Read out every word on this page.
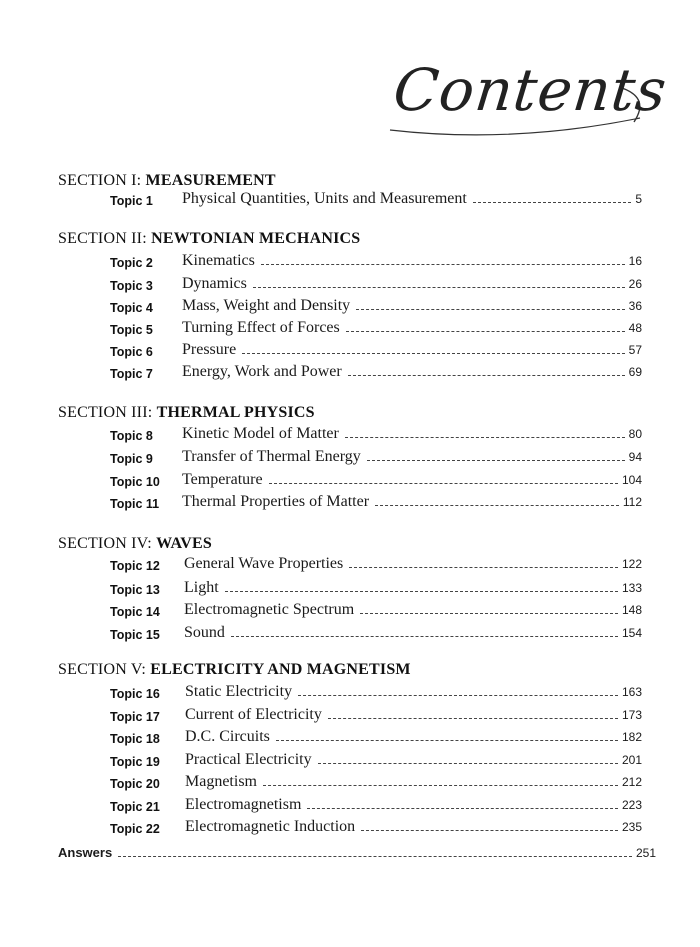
Contents
SECTION I: MEASUREMENT
Topic 1 Physical Quantities, Units and Measurement	5
SECTION II: NEWTONIAN MECHANICS
Topic 2 Kinematics	16
Topic 3 Dynamics	26
Topic 4 Mass, Weight and Density	36
Topic 5 Turning Effect of Forces	48
Topic 6 Pressure	57
Topic 7 Energy, Work and Power	69
SECTION III: THERMAL PHYSICS
Topic 8 Kinetic Model of Matter	80
Topic 9 Transfer of Thermal Energy	94
Topic 10 Temperature	104
Topic 11 Thermal Properties of Matter	112
SECTION IV: WAVES
Topic 12 General Wave Properties	122
Topic 13 Light	133
Topic 14 Electromagnetic Spectrum	148
Topic 15 Sound	154
SECTION V: ELECTRICITY AND MAGNETISM
Topic 16 Static Electricity	163
Topic 17 Current of Electricity	173
Topic 18 D.C. Circuits	182
Topic 19 Practical Electricity	201
Topic 20 Magnetism	212
Topic 21 Electromagnetism	223
Topic 22 Electromagnetic Induction	235
Answers	251
